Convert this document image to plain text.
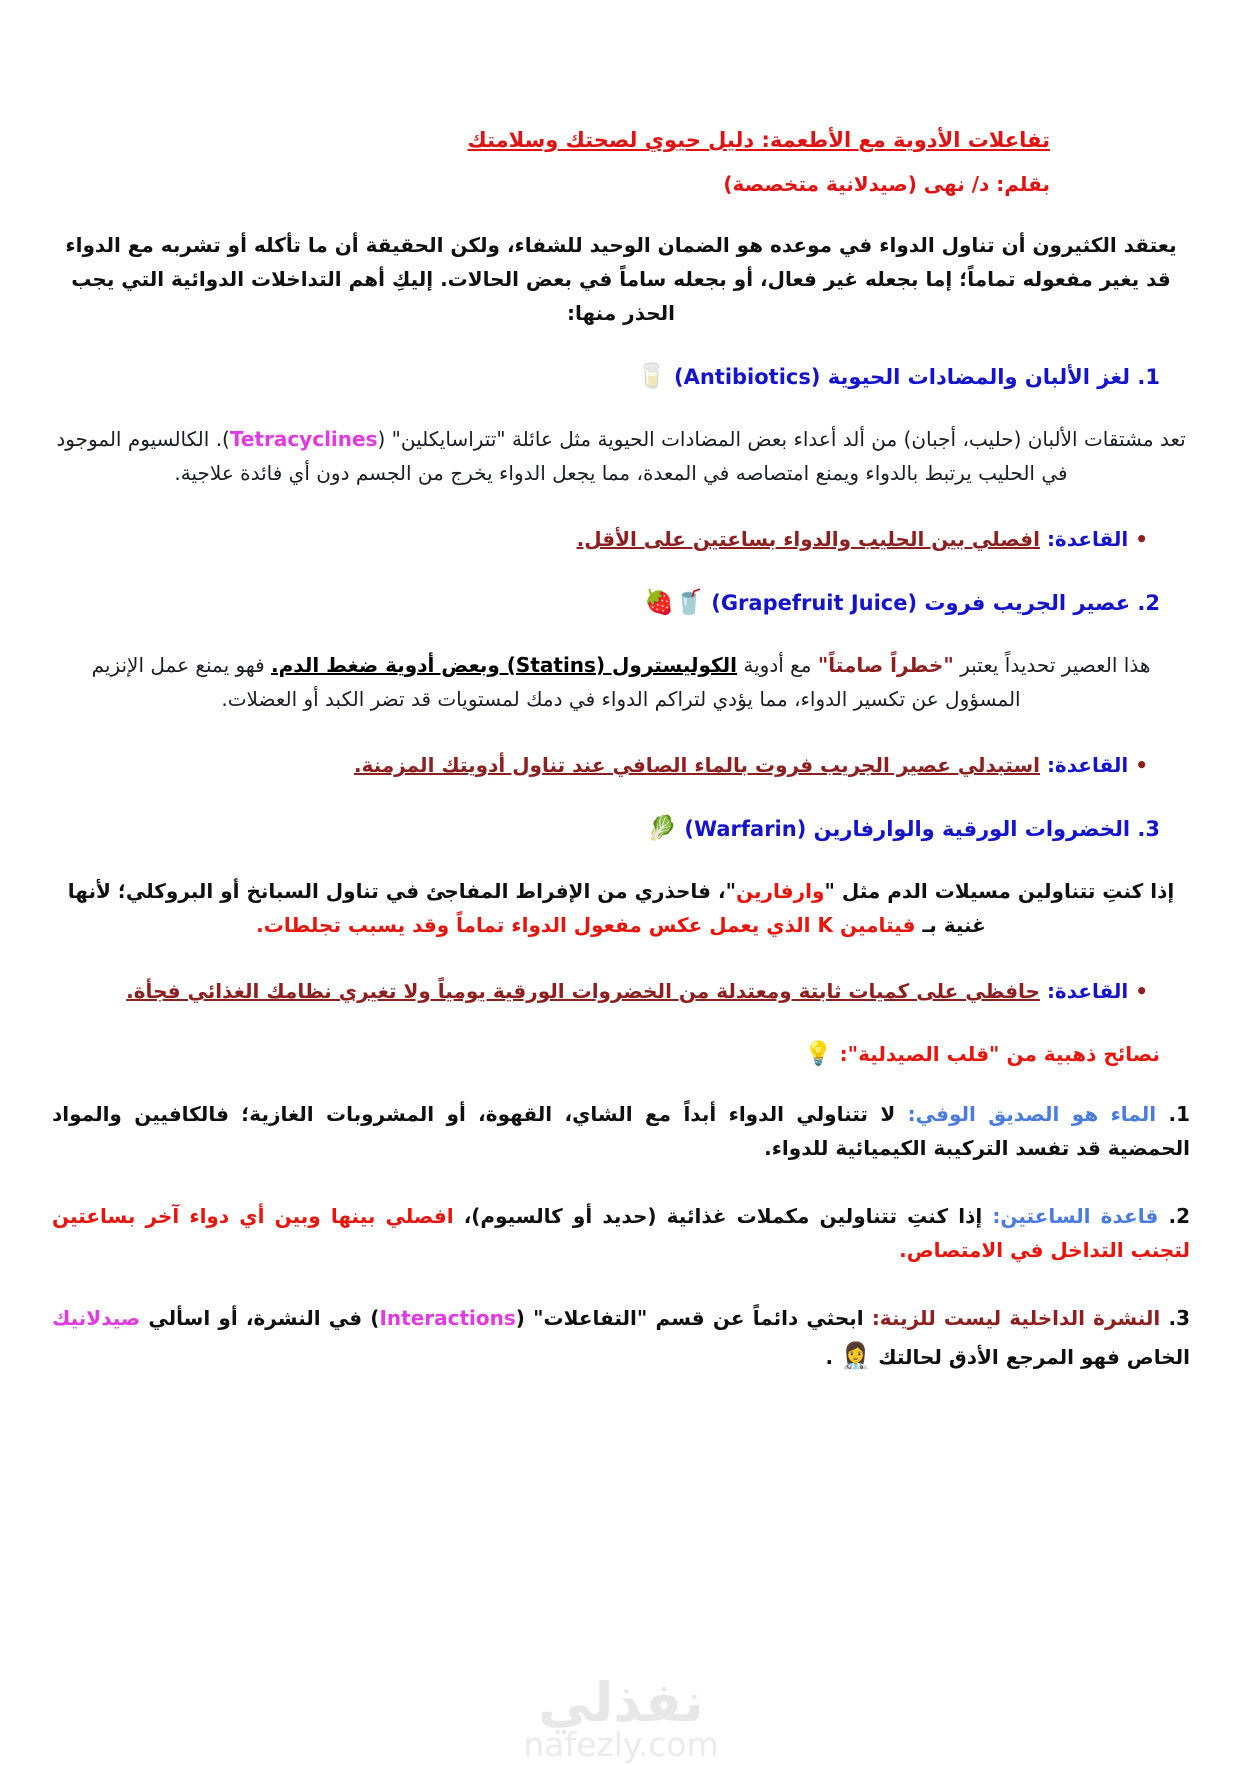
تفاعلات الأدوية مع الأطعمة: دليل حيوي لصحتك وسلامتك
بقلم: د/ نهى (صيدلانية متخصصة)

يعتقد الكثيرون أن تناول الدواء في موعده هو الضمان الوحيد للشفاء، ولكن الحقيقة أن ما تأكله أو تشربه مع الدواء قد يغير مفعوله تماماً؛ إما بجعله غير فعال، أو بجعله ساماً في بعض الحالات. إليكِ أهم التداخلات الدوائية التي يجب الحذر منها:

1. لغز الألبان والمضادات الحيوية (Antibiotics) 🥛

تعد مشتقات الألبان (حليب، أجبان) من ألد أعداء بعض المضادات الحيوية مثل عائلة "تتراسايكلين" (Tetracyclines). الكالسيوم الموجود في الحليب يرتبط بالدواء ويمنع امتصاصه في المعدة، مما يجعل الدواء يخرج من الجسم دون أي فائدة علاجية.

• القاعدة: افصلي بين الحليب والدواء بساعتين على الأقل.

2. عصير الجريب فروت (Grapefruit Juice) 🥤🍓

هذا العصير تحديداً يعتبر "خطراً صامتاً" مع أدوية الكوليسترول (Statins) وبعض أدوية ضغط الدم. فهو يمنع عمل الإنزيم المسؤول عن تكسير الدواء، مما يؤدي لتراكم الدواء في دمك لمستويات قد تضر الكبد أو العضلات.

• القاعدة: استبدلي عصير الجريب فروت بالماء الصافي عند تناول أدويتك المزمنة.

3. الخضروات الورقية والوارفارين (Warfarin) 🥬

إذا كنتِ تتناولين مسيلات الدم مثل "وارفارين"، فاحذري من الإفراط المفاجئ في تناول السبانخ أو البروكلي؛ لأنها غنية بـ فيتامين K الذي يعمل عكس مفعول الدواء تماماً وقد يسبب تجلطات.

• القاعدة: حافظي على كميات ثابتة ومعتدلة من الخضروات الورقية يومياً ولا تغيري نظامك الغذائي فجأة.

نصائح ذهبية من "قلب الصيدلية": 💡

1. الماء هو الصديق الوفي: لا تتناولي الدواء أبداً مع الشاي، القهوة، أو المشروبات الغازية؛ فالكافيين والمواد الحمضية قد تفسد التركيبة الكيميائية للدواء.

2. قاعدة الساعتين: إذا كنتِ تتناولين مكملات غذائية (حديد أو كالسيوم)، افصلي بينها وبين أي دواء آخر بساعتين لتجنب التداخل في الامتصاص.

3. النشرة الداخلية ليست للزينة: ابحثي دائماً عن قسم "التفاعلات" (Interactions) في النشرة، أو اسألي صيدلانيك الخاص فهو المرجع الأدق لحالتك 👩‍⚕️ .

نفذلي
nafezly.com
